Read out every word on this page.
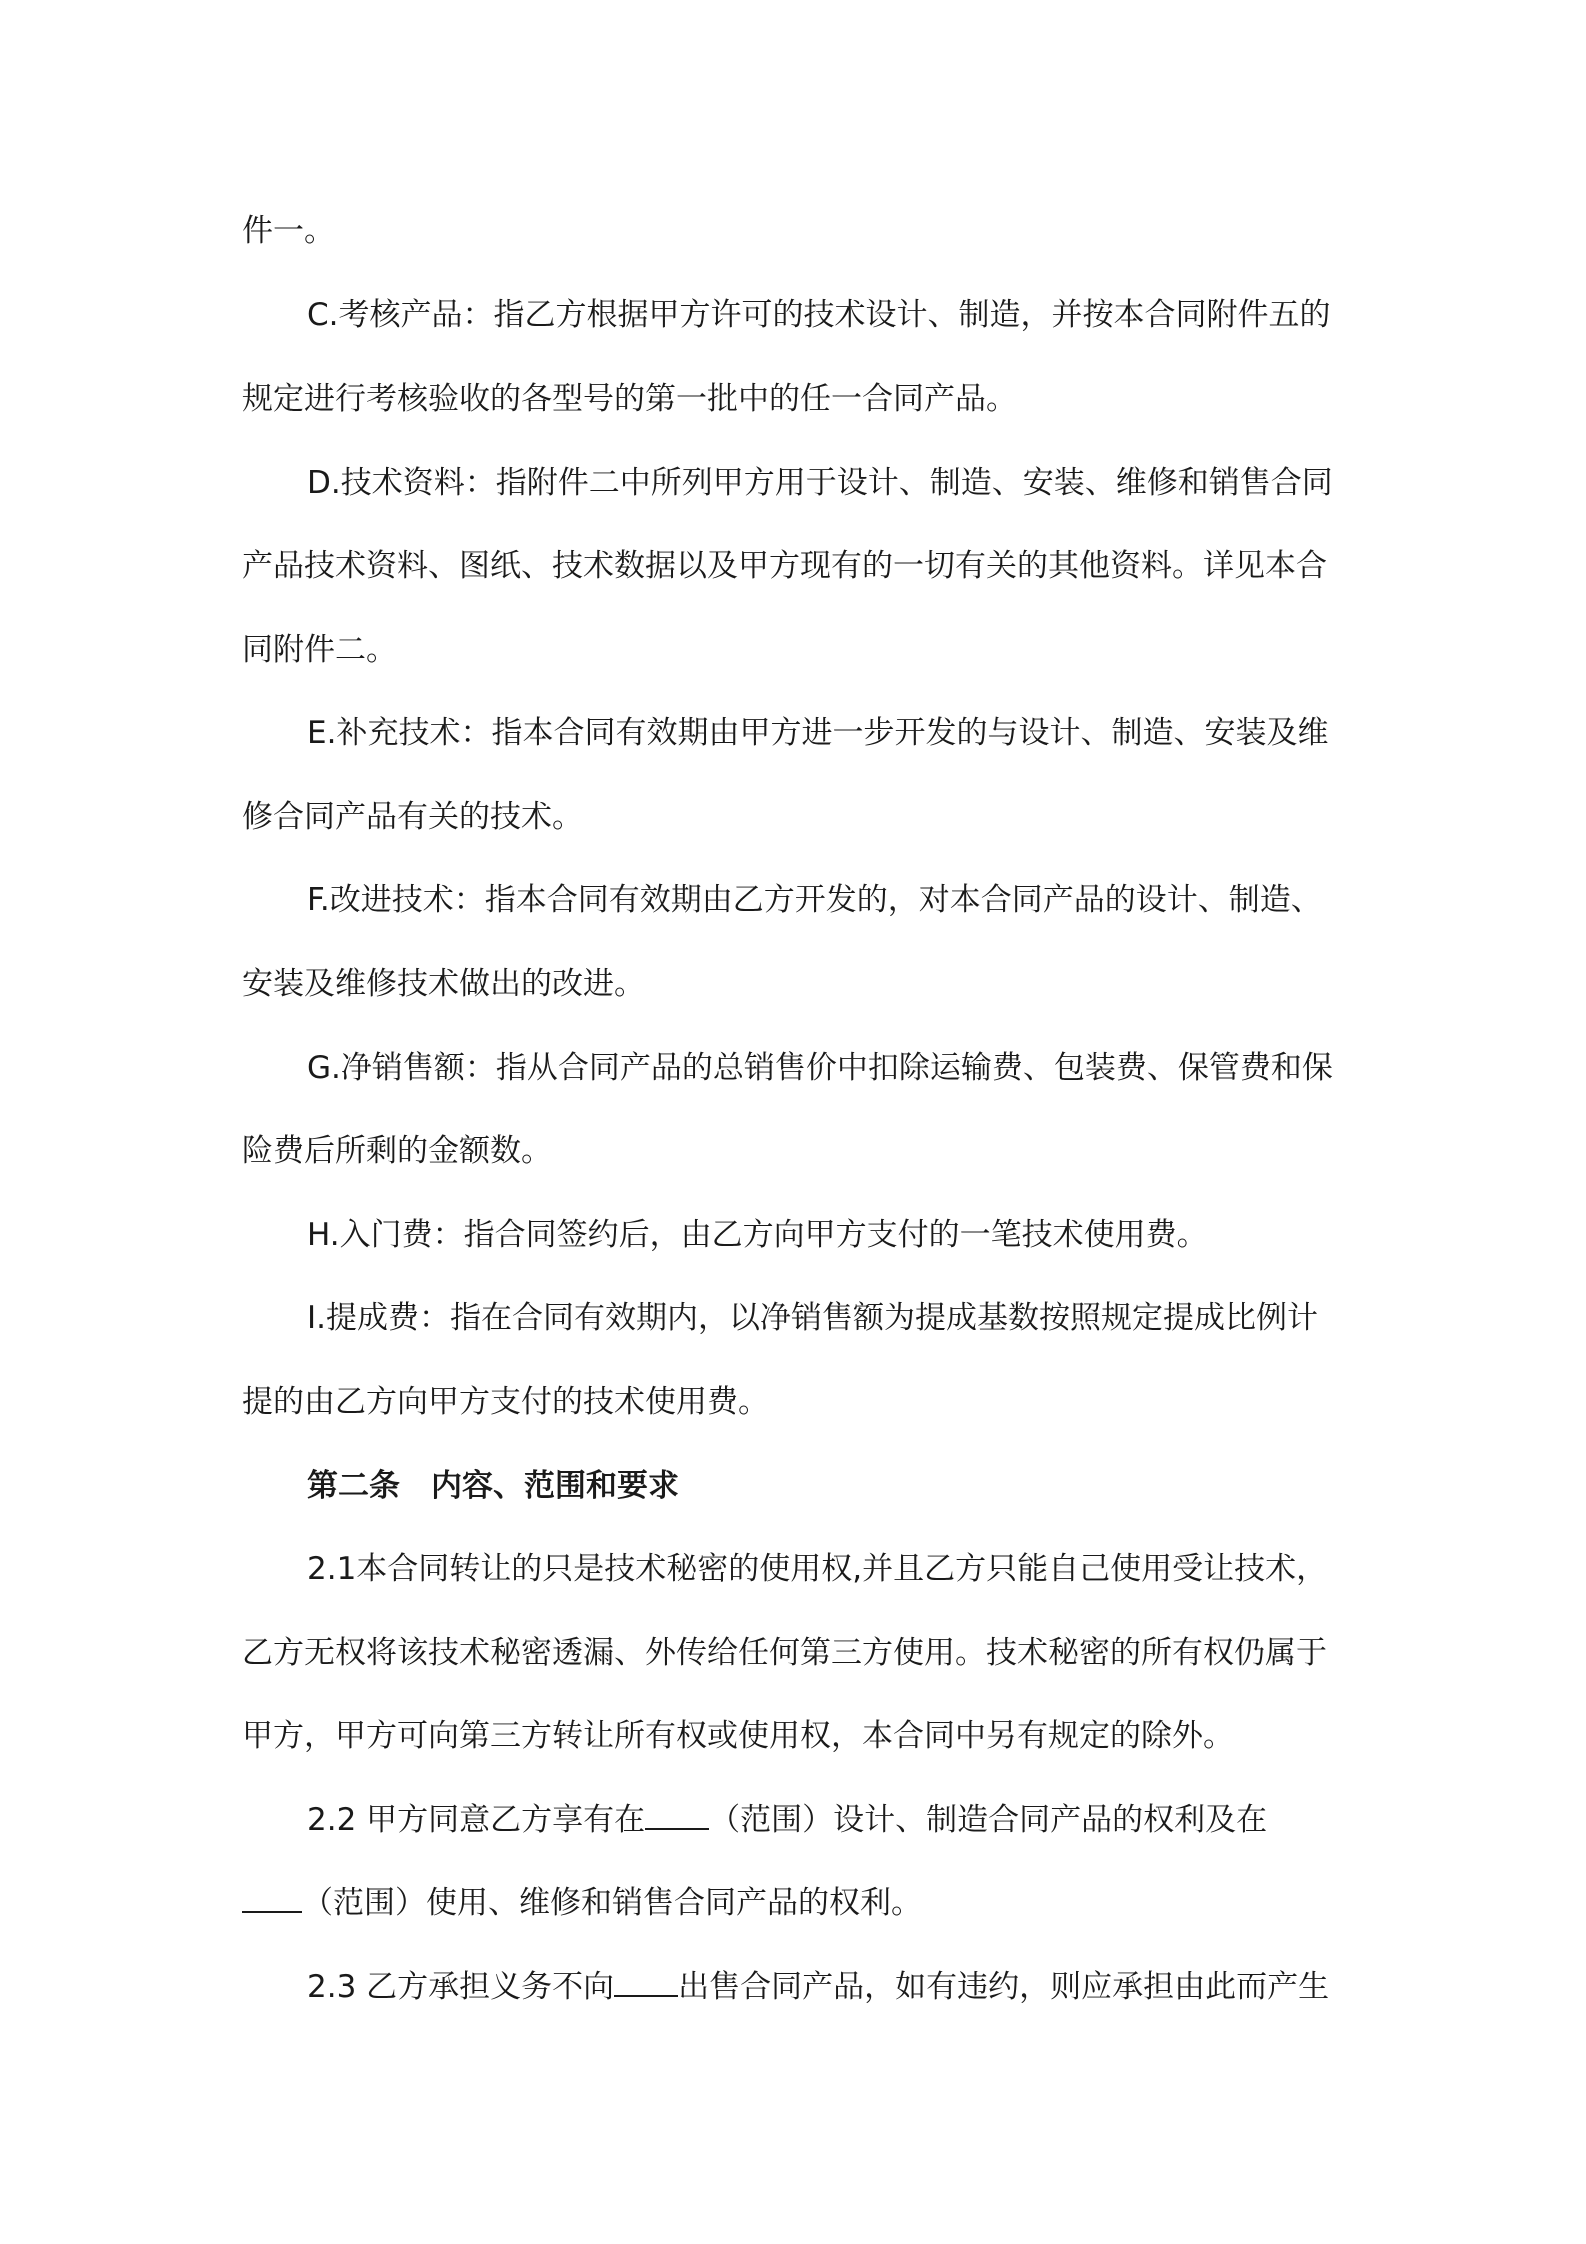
件一。
C.考核产品：指乙方根据甲方许可的技术设计、制造，并按本合同附件五的
规定进行考核验收的各型号的第一批中的任一合同产品。
D.技术资料：指附件二中所列甲方用于设计、制造、安装、维修和销售合同
产品技术资料、图纸、技术数据以及甲方现有的一切有关的其他资料。详见本合
同附件二。
E.补充技术：指本合同有效期由甲方进一步开发的与设计、制造、安装及维
修合同产品有关的技术。
F.改进技术：指本合同有效期由乙方开发的，对本合同产品的设计、制造、
安装及维修技术做出的改进。
G.净销售额：指从合同产品的总销售价中扣除运输费、包装费、保管费和保
险费后所剩的金额数。
H.入门费：指合同签约后，由乙方向甲方支付的一笔技术使用费。
I.提成费：指在合同有效期内，以净销售额为提成基数按照规定提成比例计
提的由乙方向甲方支付的技术使用费。
第二条　内容、范围和要求
2.1本合同转让的只是技术秘密的使用权,并且乙方只能自己使用受让技术，
乙方无权将该技术秘密透漏、外传给任何第三方使用。技术秘密的所有权仍属于
甲方，甲方可向第三方转让所有权或使用权，本合同中另有规定的除外。
2.2 甲方同意乙方享有在 （范围）设计、制造合同产品的权利及在
（范围）使用、维修和销售合同产品的权利。
2.3 乙方承担义务不向 出售合同产品，如有违约，则应承担由此而产生
